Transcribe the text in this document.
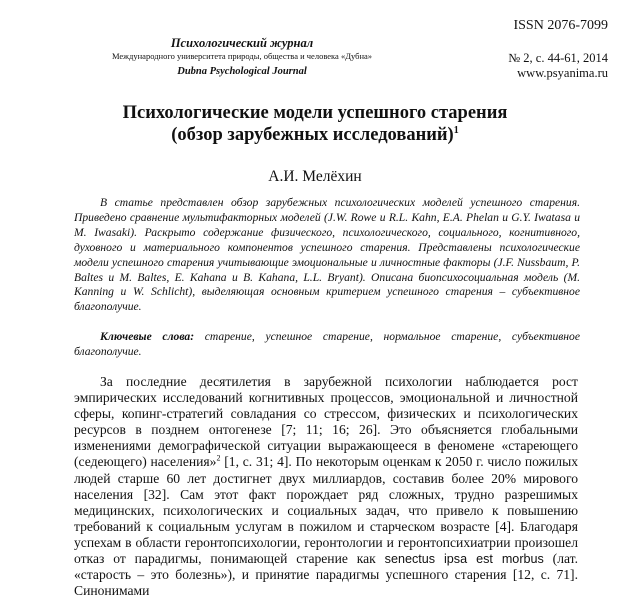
Психологический журнал
Международного университета природы, общества и человека «Дубна»
Dubna Psychological Journal
ISSN 2076-7099
№ 2, с. 44-61, 2014
www.psyanima.ru
Психологические модели успешного старения
(обзор зарубежных исследований)$^1$
А.И. Мелёхин
В статье представлен обзор зарубежных психологических моделей успешного старения. Приведено сравнение мультифакторных моделей (J.W. Rowe и R.L. Kahn, E.A. Phelan и G.Y. Iwatasa и M. Iwasaki). Раскрыто содержание физического, психологического, социального, когнитивного, духовного и материального компонентов успешного старения. Представлены психологические модели успешного старения учитывающие эмоциональные и личностные факторы (J.F. Nussbaum, P. Baltes и M. Baltes, E. Kahana и B. Kahana, L.L. Bryant). Описана биопсихосоциальная модель (M. Kanning и W. Schlicht), выделяющая основным критерием успешного старения – субъективное благополучие.
Ключевые слова: старение, успешное старение, нормальное старение, субъективное благополучие.
За последние десятилетия в зарубежной психологии наблюдается рост эмпирических исследований когнитивных процессов, эмоциональной и личностной сферы, копинг-стратегий совладания со стрессом, физических и психологических ресурсов в позднем онтогенезе [7; 11; 16; 26]. Это объясняется глобальными изменениями демографической ситуации выражающееся в феномене «стареющего (седеющего) населения»$^2$ [1, с. 31; 4]. По некоторым оценкам к 2050 г. число пожилых людей старше 60 лет достигнет двух миллиардов, составив более 20% мирового населения [32]. Сам этот факт порождает ряд сложных, трудно разрешимых медицинских, психологических и социальных задач, что привело к повышению требований к социальным услугам в пожилом и старческом возрасте [4]. Благодаря успехам в области геронтопсихологии, геронтологии и геронтопсихиатрии произошел отказ от парадигмы, понимающей старение как senectus ipsa est morbus (лат. «старость – это болезнь»), и принятие парадигмы успешного старения [12, с. 71]. Синонимами
